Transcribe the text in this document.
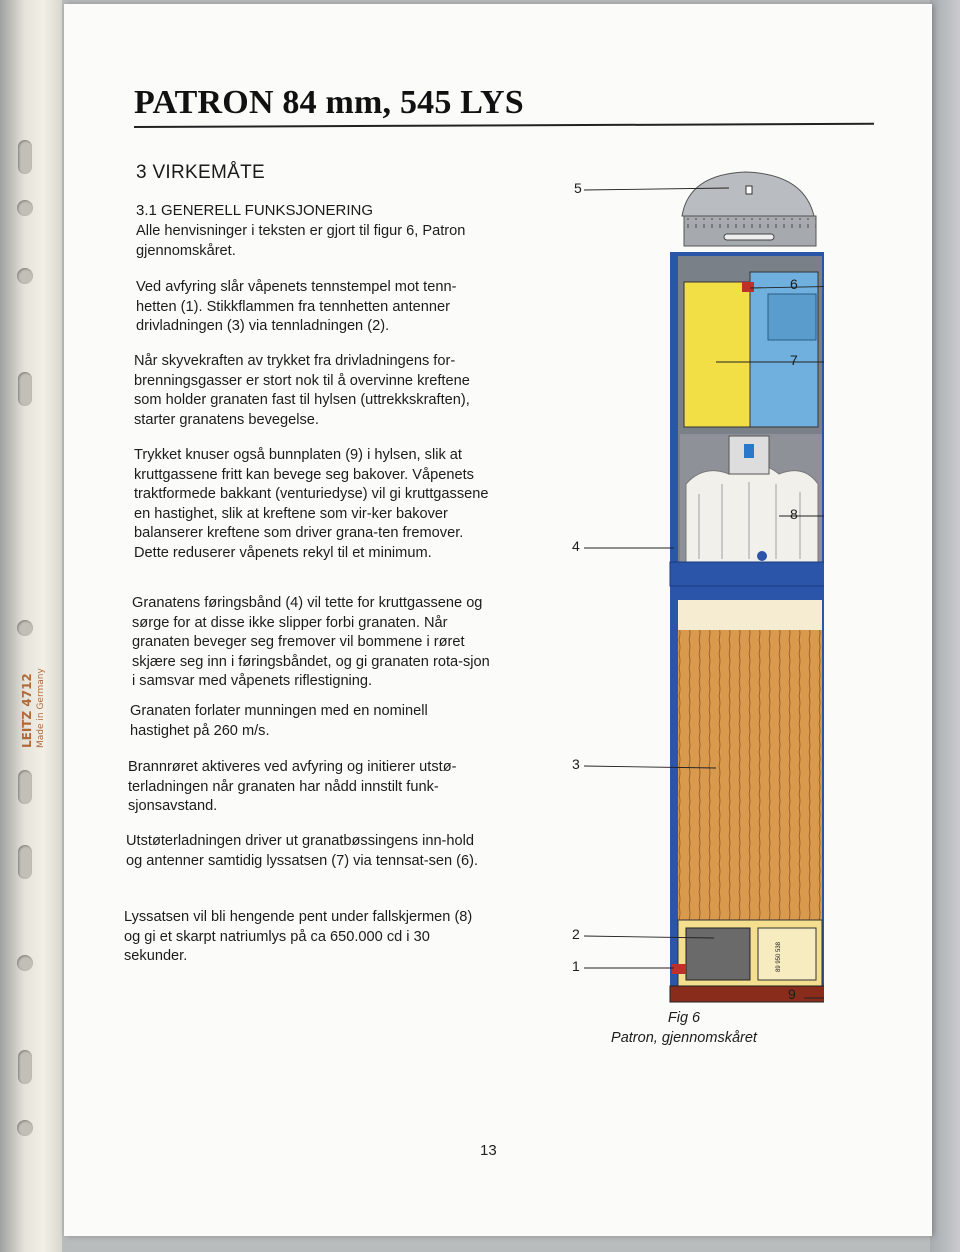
LEITZ 4712 Made in Germany
PATRON 84 mm, 545 LYS
3 VIRKEMÅTE
3.1 GENERELL FUNKSJONERING

Alle henvisninger i teksten er gjort til figur 6, Patron gjennomskåret.

Ved avfyring slår våpenets tennstempel mot tenn-hetten (1). Stikkflammen fra tennhetten antenner drivladningen (3) via tennladningen (2).

Når skyvekraften av trykket fra drivladningens for-brenningsgasser er stort nok til å overvinne kreftene som holder granaten fast til hylsen (uttrekkskraften), starter granatens bevegelse.

Trykket knuser også bunnplaten (9) i hylsen, slik at kruttgassene fritt kan bevege seg bakover. Våpenets traktformede bakkant (venturiedyse) vil gi kruttgassene en hastighet, slik at kreftene som vir-ker bakover balanserer kreftene som driver grana-ten fremover. Dette reduserer våpenets rekyl til et minimum.

Granatens føringsbånd (4) vil tette for kruttgassene og sørge for at disse ikke slipper forbi granaten. Når granaten beveger seg fremover vil bommene i røret skjære seg inn i føringsbåndet, og gi granaten rota-sjon i samsvar med våpenets riflestigning.

Granaten forlater munningen med en nominell hastighet på 260 m/s.

Brannrøret aktiveres ved avfyring og initierer utstø-terladningen når granaten har nådd innstilt funk-sjonsavstand.

Utstøterladningen driver ut granatbøssingens inn-hold og antenner samtidig lyssatsen (7) via tennsat-sen (6).

Lyssatsen vil bli hengende pent under fallskjermen (8) og gi et skarpt natriumlys på ca 650.000 cd i 30 sekunder.

5
6
7
8
4
3
2
1
9
89 950 538
Fig 6
Patron, gjennomskåret
13
